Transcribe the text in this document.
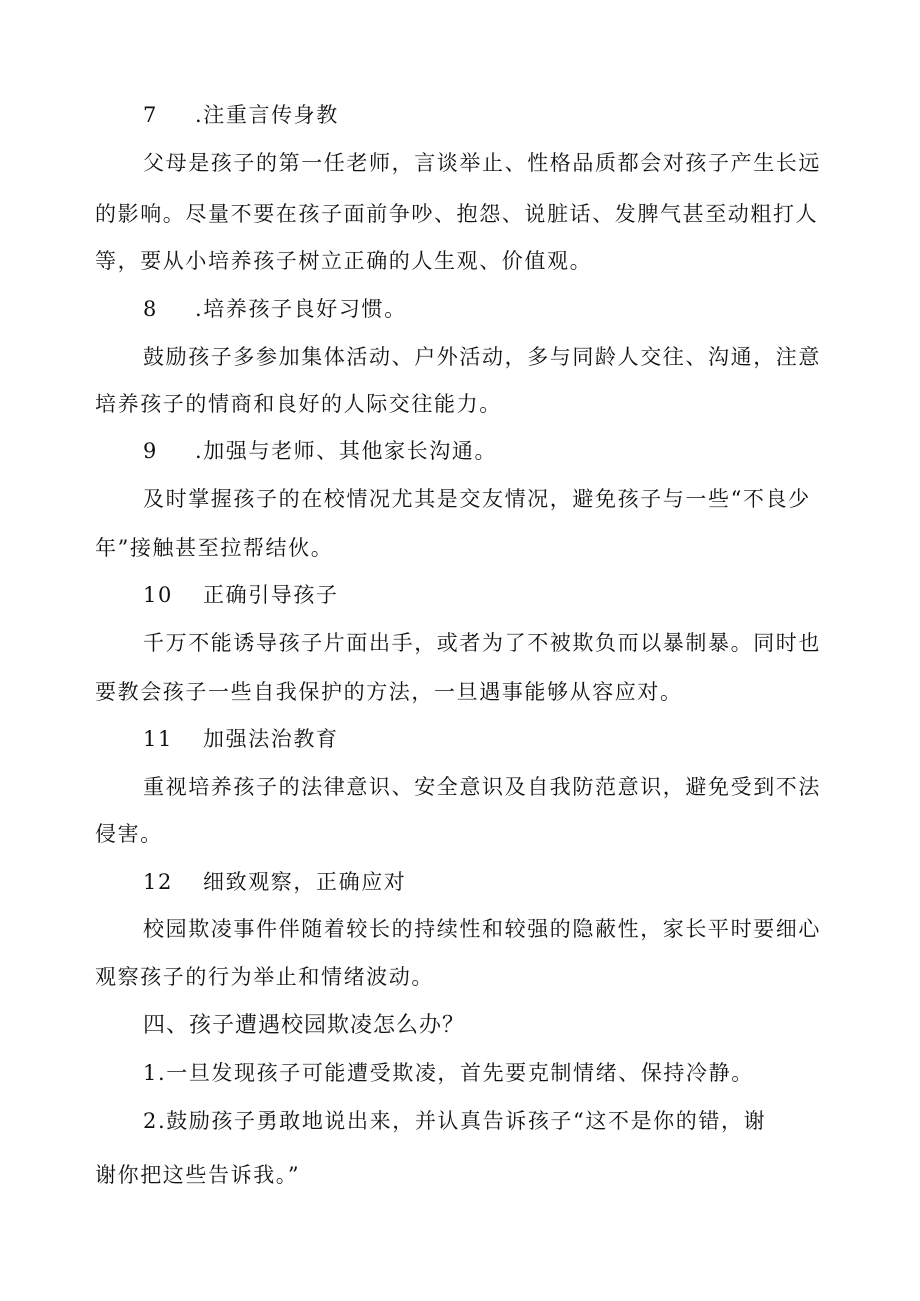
7 .注重言传身教
父母是孩子的第一任老师，言谈举止、性格品质都会对孩子产生长远
的影响。尽量不要在孩子面前争吵、抱怨、说脏话、发脾气甚至动粗打人
等，要从小培养孩子树立正确的人生观、价值观。
8 .培养孩子良好习惯。
鼓励孩子多参加集体活动、户外活动，多与同龄人交往、沟通，注意
培养孩子的情商和良好的人际交往能力。
9 .加强与老师、其他家长沟通。
及时掌握孩子的在校情况尤其是交友情况，避免孩子与一些“不良少
年”接触甚至拉帮结伙。
10 正确引导孩子
千万不能诱导孩子片面出手，或者为了不被欺负而以暴制暴。同时也
要教会孩子一些自我保护的方法，一旦遇事能够从容应对。
11 加强法治教育
重视培养孩子的法律意识、安全意识及自我防范意识，避免受到不法
侵害。
12 细致观察，正确应对
校园欺凌事件伴随着较长的持续性和较强的隐蔽性，家长平时要细心
观察孩子的行为举止和情绪波动。
四、孩子遭遇校园欺凌怎么办？
1.一旦发现孩子可能遭受欺凌，首先要克制情绪、保持冷静。
2.鼓励孩子勇敢地说出来，并认真告诉孩子“这不是你的错，谢
谢你把这些告诉我。”
